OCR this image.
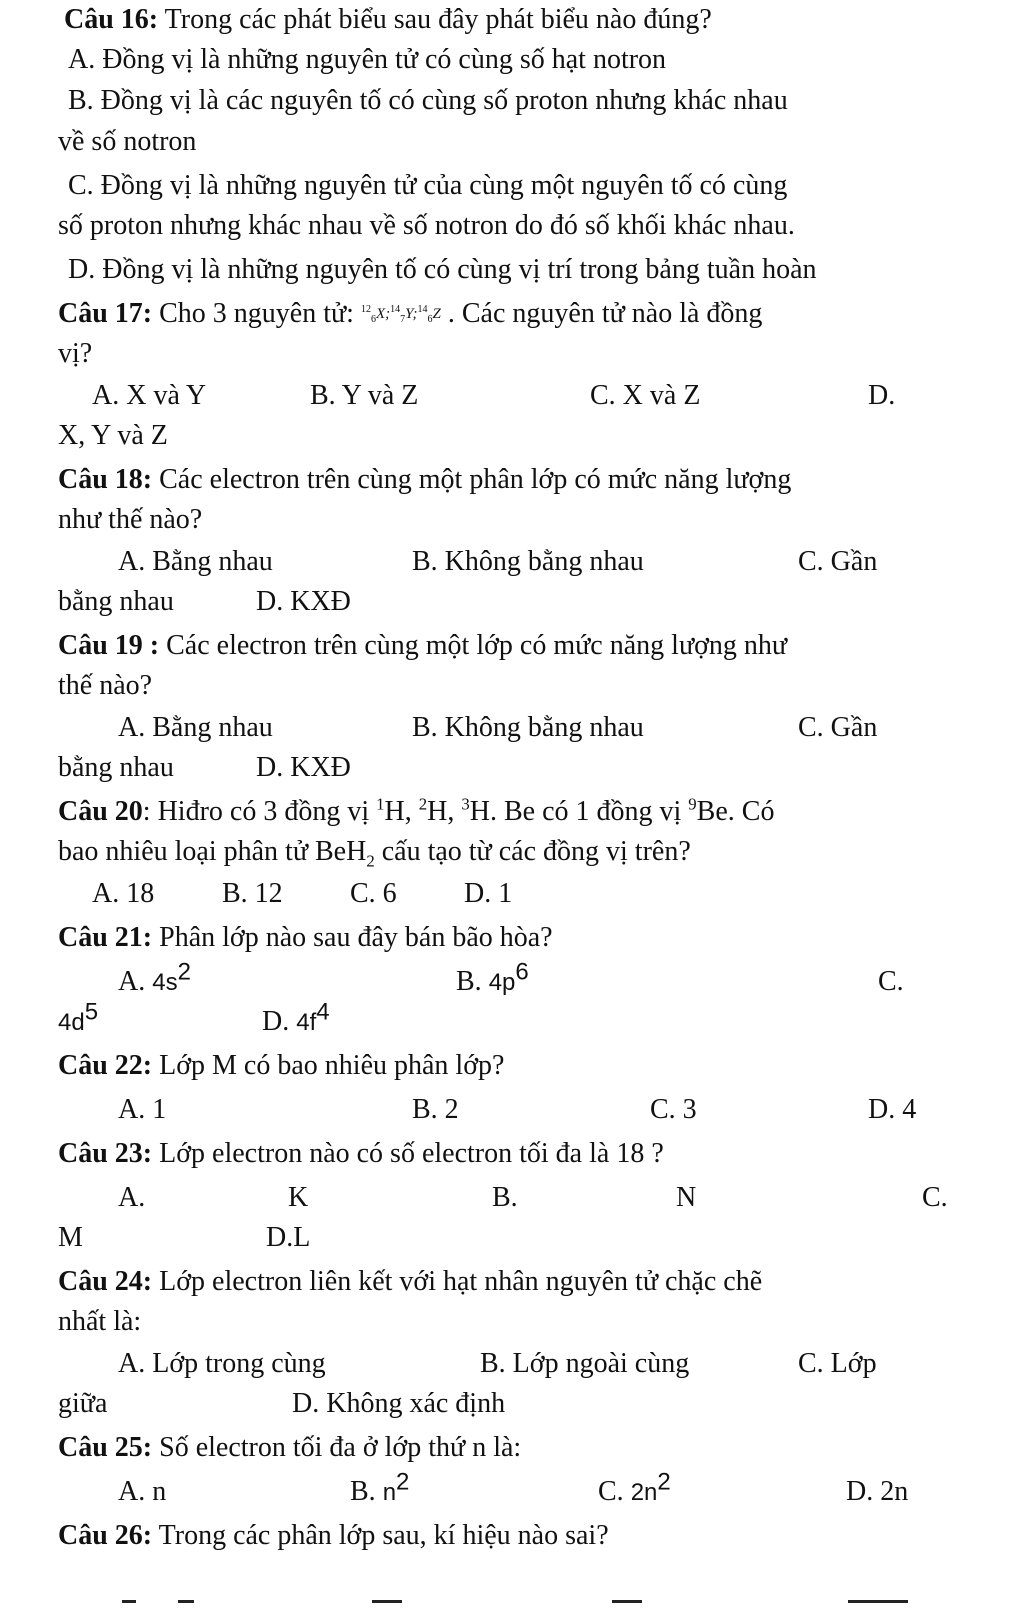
Câu 16: Trong các phát biểu sau đây phát biểu nào đúng?
A. Đồng vị là những nguyên tử có cùng số hạt notron
B. Đồng vị là các nguyên tố có cùng số proton nhưng khác nhau
về số notron
C. Đồng vị là những nguyên tử của cùng một nguyên tố có cùng
số proton nhưng khác nhau về số notron do đó số khối khác nhau.
D. Đồng vị là những nguyên tố có cùng vị trí trong bảng tuần hoàn
Câu 17: Cho 3 nguyên tử: $^{12}_6$X;$^{14}_7$Y;$^{14}_6$Z . Các nguyên tử nào là đồng
vị?
A. X và Y	B. Y và Z	C. X và Z	D.
X, Y và Z
Câu 18: Các electron trên cùng một phân lớp có mức năng lượng
như thế nào?
A. Bằng nhau	B. Không bằng nhau	C. Gần
bằng nhau	D. KXĐ
Câu 19 : Các electron trên cùng một lớp có mức năng lượng như
thế nào?
A. Bằng nhau	B. Không bằng nhau	C. Gần
bằng nhau	D. KXĐ
Câu 20: Hiđro có 3 đồng vị $^1$H, $^2$H, $^3$H. Be có 1 đồng vị $^9$Be. Có
bao nhiêu loại phân tử BeH$_2$ cấu tạo từ các đồng vị trên?
A. 18 B. 12 C. 6 D. 1
Câu 21: Phân lớp nào sau đây bán bão hòa?
A. $4s^2$	B. $4p^6$	C.
$4d^5$	D. $4f^4$
Câu 22: Lớp M có bao nhiêu phân lớp?
A. 1	B. 2	C. 3	D. 4
Câu 23: Lớp electron nào có số electron tối đa là 18 ?
A.	K	B.	N	C.
M	D.L
Câu 24: Lớp electron liên kết với hạt nhân nguyên tử chặc chẽ
nhất là:
A. Lớp trong cùng	B. Lớp ngoài cùng	C. Lớp
giữa	D. Không xác định
Câu 25: Số electron tối đa ở lớp thứ n là:
A. n	B. $n^2$	C. $2n^2$	D. 2n
Câu 26: Trong các phân lớp sau, kí hiệu nào sai?
